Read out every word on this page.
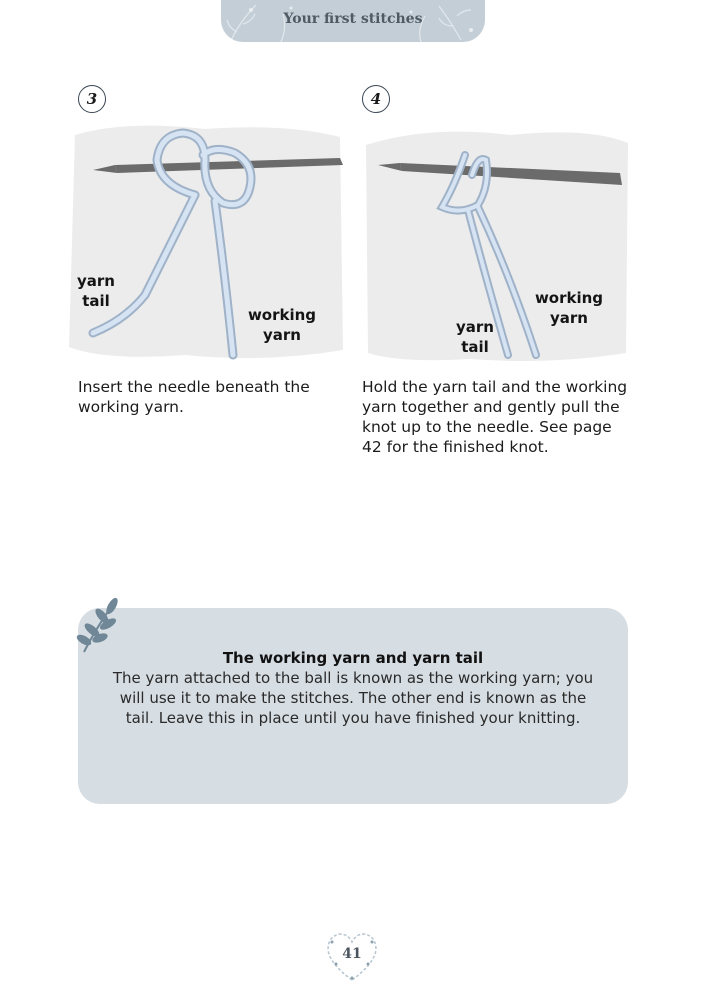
Your first stitches
3
yarn
tail
working
yarn
Insert the needle beneath the working yarn.
4
working
yarn
yarn
tail
Hold the yarn tail and the working yarn together and gently pull the knot up to the needle. See page 42 for the finished knot.
The working yarn and yarn tail
The yarn attached to the ball is known as the working yarn; you will use it to make the stitches. The other end is known as the tail. Leave this in place until you have finished your knitting.
41
